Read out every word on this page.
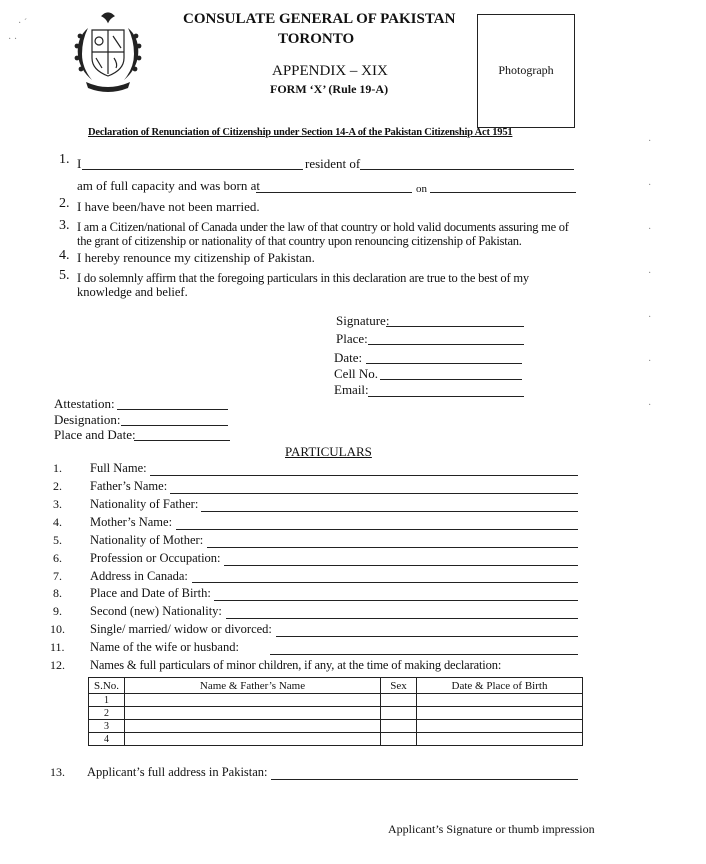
· ´
· ·
CONSULATE GENERAL OF PAKISTAN
TORONTO
APPENDIX – XIX
FORM ‘X’ (Rule 19-A)
Photograph
Declaration of Renunciation of Citizenship under Section 14-A of the Pakistan Citizenship Act 1951
1. I	resident of
am of full capacity and was born at	on
2. I have been/have not been married.
3. I am a Citizen/national of Canada under the law of that country or hold valid documents assuring me of
the grant of citizenship or nationality of that country upon renouncing citizenship of Pakistan.
4. I hereby renounce my citizenship of Pakistan.
5. I do solemnly affirm that the foregoing particulars in this declaration are true to the best of my
knowledge and belief.
Signature:
Place:
Date:
Cell No.
Email:
Attestation:
Designation:
Place and Date:
PARTICULARS
1. Full Name:
2. Father’s Name:
3. Nationality of Father:
4. Mother’s Name:
5. Nationality of Mother:
6. Profession or Occupation:
7. Address in Canada:
8. Place and Date of Birth:
9. Second (new) Nationality:
10. Single/ married/ widow or divorced:
11. Name of the wife or husband:
12. Names & full particulars of minor children, if any, at the time of making declaration:
S.No.	Name & Father’s Name	Sex	Date & Place of Birth
1			
2			
3			
4			
13. Applicant’s full address in Pakistan:
Applicant’s Signature or thumb impression
·
·
·
·
·
·
·
